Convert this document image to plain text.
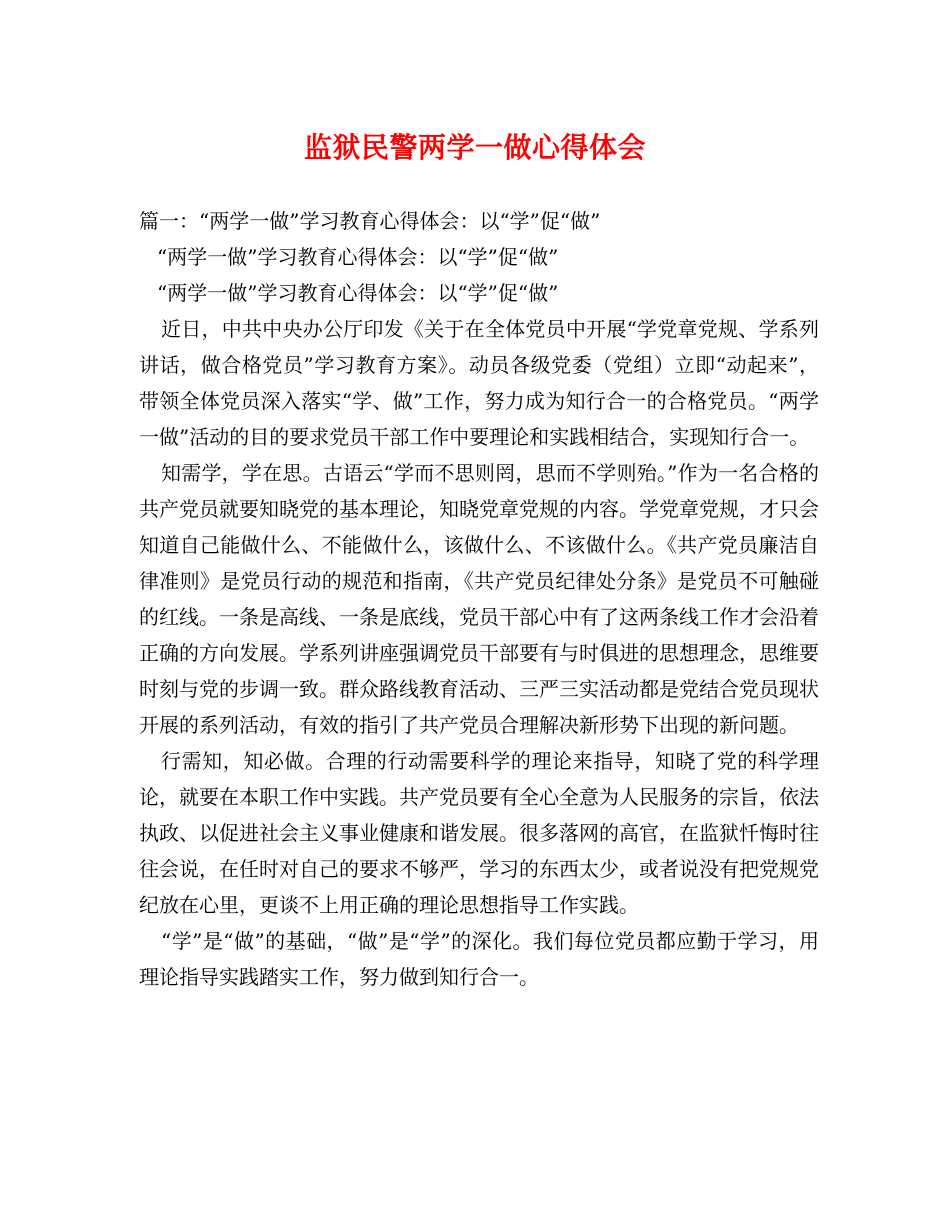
监狱民警两学一做心得体会

篇一：“两学一做”学习教育心得体会：以“学”促“做”

“两学一做”学习教育心得体会：以“学”促“做”

“两学一做”学习教育心得体会：以“学”促“做”

近日，中共中央办公厅印发《关于在全体党员中开展“学党章党规、学系列讲话，做合格党员”学习教育方案》。动员各级党委（党组）立即“动起来”，带领全体党员深入落实“学、做”工作，努力成为知行合一的合格党员。“两学一做”活动的目的要求党员干部工作中要理论和实践相结合，实现知行合一。

知需学，学在思。古语云“学而不思则罔，思而不学则殆。”作为一名合格的共产党员就要知晓党的基本理论，知晓党章党规的内容。学党章党规，才只会知道自己能做什么、不能做什么，该做什么、不该做什么。《共产党员廉洁自律准则》是党员行动的规范和指南，《共产党员纪律处分条》是党员不可触碰的红线。一条是高线、一条是底线，党员干部心中有了这两条线工作才会沿着正确的方向发展。学系列讲座强调党员干部要有与时俱进的思想理念，思维要时刻与党的步调一致。群众路线教育活动、三严三实活动都是党结合党员现状开展的系列活动，有效的指引了共产党员合理解决新形势下出现的新问题。

行需知，知必做。合理的行动需要科学的理论来指导，知晓了党的科学理论，就要在本职工作中实践。共产党员要有全心全意为人民服务的宗旨，依法执政、以促进社会主义事业健康和谐发展。很多落网的高官，在监狱忏悔时往往会说，在任时对自己的要求不够严，学习的东西太少，或者说没有把党规党纪放在心里，更谈不上用正确的理论思想指导工作实践。

“学”是“做”的基础，“做”是“学”的深化。我们每位党员都应勤于学习，用理论指导实践踏实工作，努力做到知行合一。
